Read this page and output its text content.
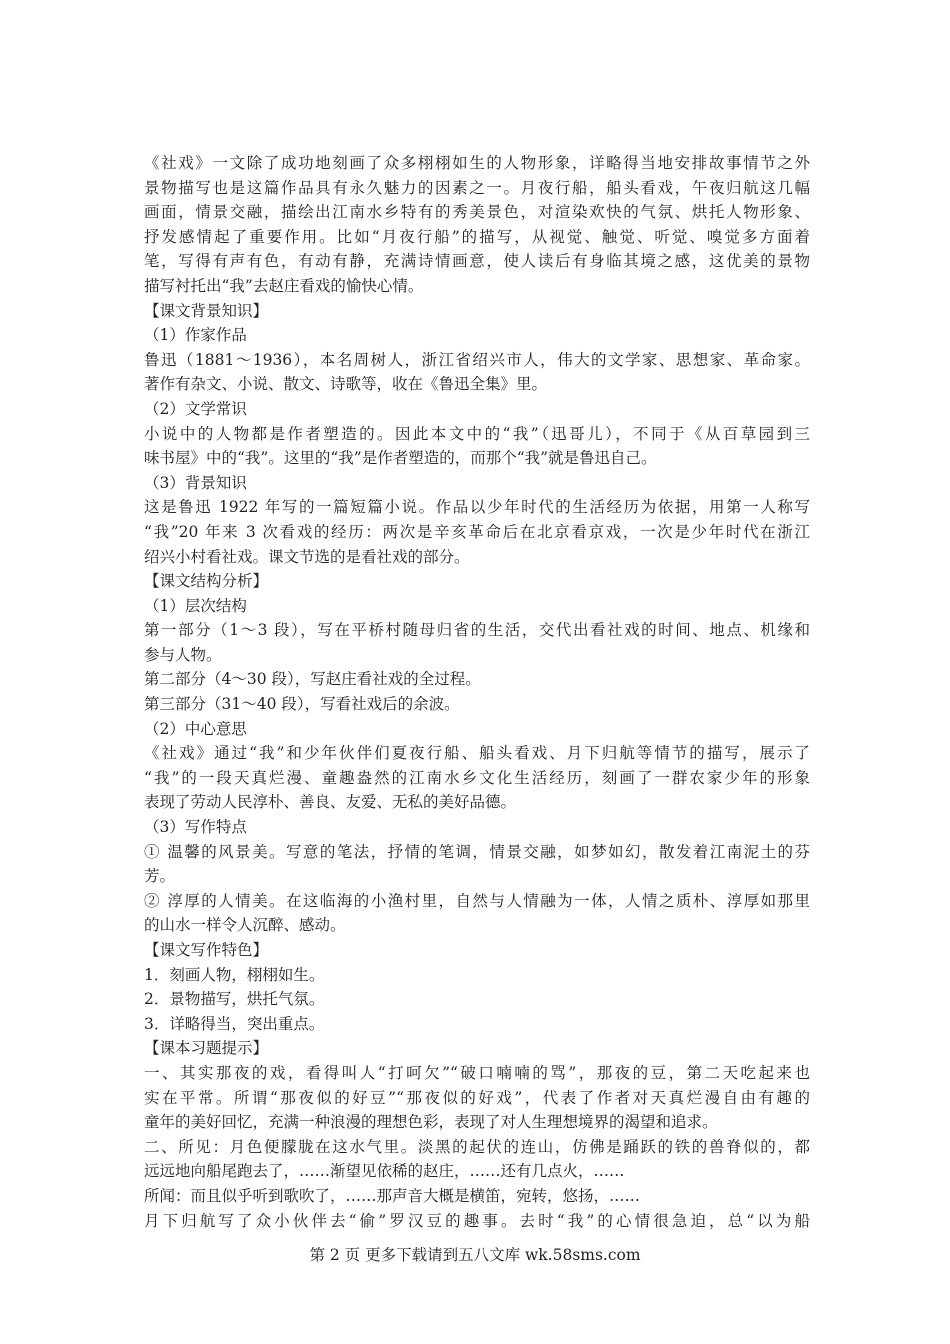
《社戏》一文除了成功地刻画了众多栩栩如生的人物形象，详略得当地安排故事情节之外
景物描写也是这篇作品具有永久魅力的因素之一。月夜行船，船头看戏，午夜归航这几幅
画面，情景交融，描绘出江南水乡特有的秀美景色，对渲染欢快的气氛、烘托人物形象、
抒发感情起了重要作用。比如“月夜行船”的描写，从视觉、触觉、听觉、嗅觉多方面着
笔，写得有声有色，有动有静，充满诗情画意，使人读后有身临其境之感，这优美的景物
描写衬托出“我”去赵庄看戏的愉快心情。
【课文背景知识】
（1）作家作品
鲁迅（1881～1936），本名周树人，浙江省绍兴市人，伟大的文学家、思想家、革命家。
著作有杂文、小说、散文、诗歌等，收在《鲁迅全集》里。
（2）文学常识
小说中的人物都是作者塑造的。因此本文中的“我”（迅哥儿），不同于《从百草园到三
味书屋》中的“我”。这里的“我”是作者塑造的，而那个“我”就是鲁迅自己。
（3）背景知识
这是鲁迅 1922 年写的一篇短篇小说。作品以少年时代的生活经历为依据，用第一人称写
“我”20 年来 3 次看戏的经历：两次是辛亥革命后在北京看京戏，一次是少年时代在浙江
绍兴小村看社戏。课文节选的是看社戏的部分。
【课文结构分析】
（1）层次结构
第一部分（1～3 段），写在平桥村随母归省的生活，交代出看社戏的时间、地点、机缘和
参与人物。
第二部分（4～30 段），写赵庄看社戏的全过程。
第三部分（31～40 段），写看社戏后的余波。
（2）中心意思
《社戏》通过“我”和少年伙伴们夏夜行船、船头看戏、月下归航等情节的描写，展示了
“我”的一段天真烂漫、童趣盎然的江南水乡文化生活经历，刻画了一群农家少年的形象
表现了劳动人民淳朴、善良、友爱、无私的美好品德。
（3）写作特点
① 温馨的风景美。写意的笔法，抒情的笔调，情景交融，如梦如幻，散发着江南泥土的芬
芳。
② 淳厚的人情美。在这临海的小渔村里，自然与人情融为一体，人情之质朴、淳厚如那里
的山水一样令人沉醉、感动。
【课文写作特色】
1．刻画人物，栩栩如生。
2．景物描写，烘托气氛。
3．详略得当，突出重点。
【课本习题提示】
一、其实那夜的戏，看得叫人“打呵欠”“破口喃喃的骂”，那夜的豆，第二天吃起来也
实在平常。所谓“那夜似的好豆”“那夜似的好戏”，代表了作者对天真烂漫自由有趣的
童年的美好回忆，充满一种浪漫的理想色彩，表现了对人生理想境界的渴望和追求。
二、所见：月色便朦胧在这水气里。淡黑的起伏的连山，仿佛是踊跃的铁的兽脊似的，都
远远地向船尾跑去了，……渐望见依稀的赵庄，……还有几点火，……
所闻：而且似乎听到歌吹了，……那声音大概是横笛，宛转，悠扬，……
月下归航写了众小伙伴去“偷”罗汉豆的趣事。去时“我”的心情很急迫，总“以为船
第 2 页 更多下载请到五八文库 wk.58sms.com
